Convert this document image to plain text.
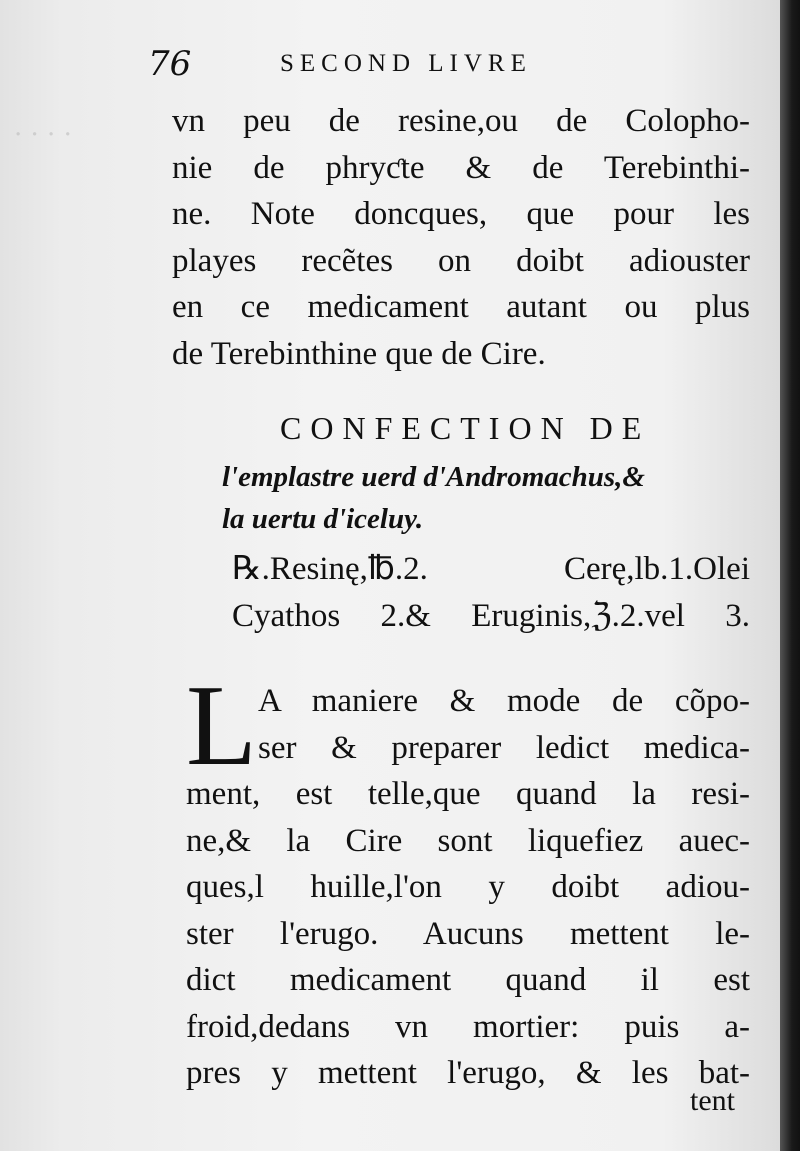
· · · ·
76	SECOND LIVRE
vn peu de resine,ou de Colopho-
nie de phryƈte & de Terebinthi-
ne. Note doncques, que pour les
playes recẽtes on doibt adiouster
en ce medicament autant ou plus
de Terebinthine que de Cire.
CONFECTION DE
l'emplastre uerd d'Andromachus,&
la uertu d'iceluy.
℞.Resinę,℔.2. Cerę,lb.1.Olei
Cyathos 2.& Eruginis,ℨ.2.vel 3.
L A maniere & mode de cõpo-
ser & preparer ledict medica-
ment, est telle,que quand la resi-
ne,& la Cire sont liquefiez auec-
ques,l huille,l'on y doibt adiou-
ster l'erugo. Aucuns mettent le-
dict medicament quand il est
froid,dedans vn mortier: puis a-
pres y mettent l'erugo, & les bat-
tent
